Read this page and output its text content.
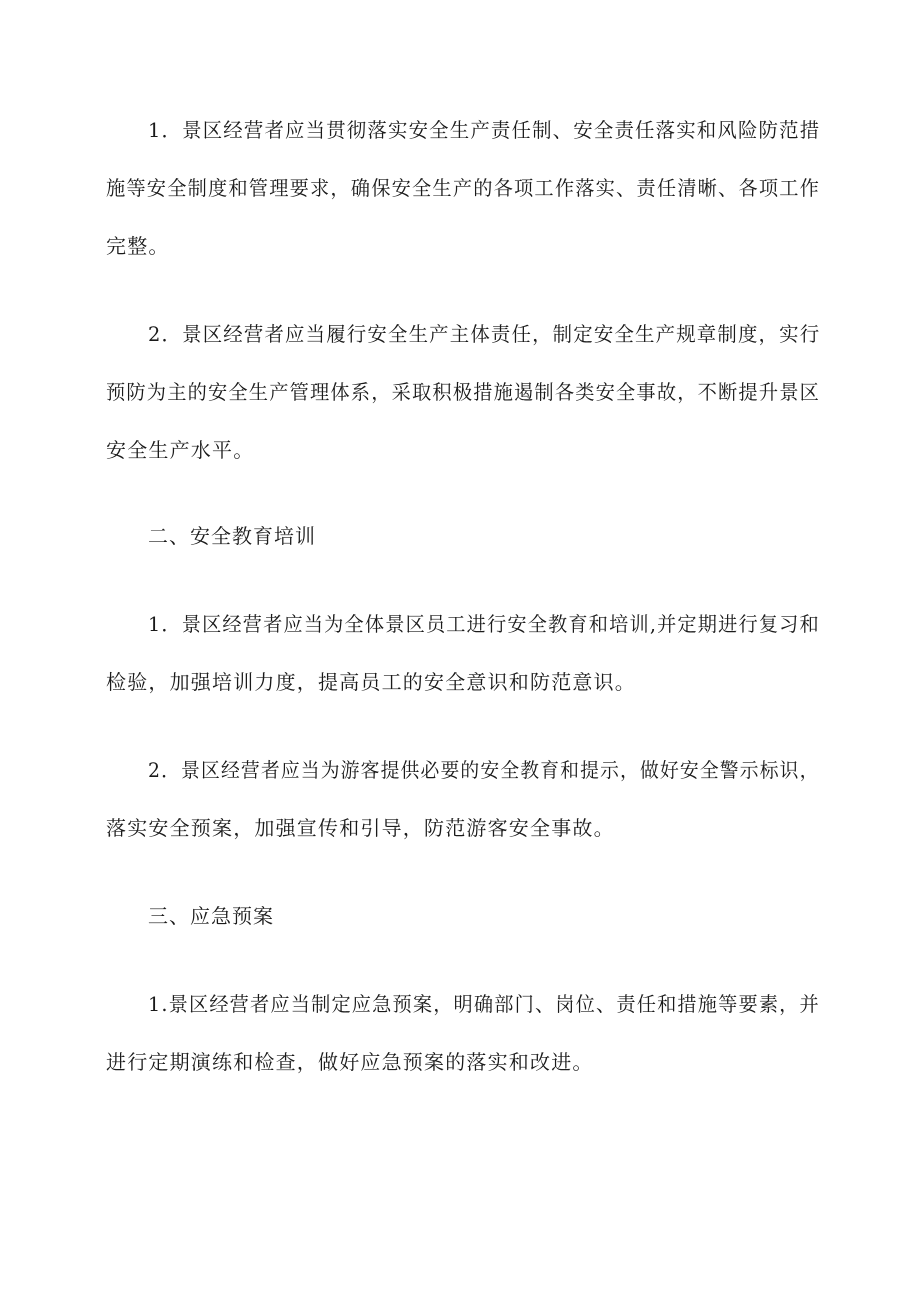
1．景区经营者应当贯彻落实安全生产责任制、安全责任落实和风险防范措
施等安全制度和管理要求，确保安全生产的各项工作落实、责任清晰、各项工作
完整。
2．景区经营者应当履行安全生产主体责任，制定安全生产规章制度，实行
预防为主的安全生产管理体系，采取积极措施遏制各类安全事故，不断提升景区
安全生产水平。
二、安全教育培训
1．景区经营者应当为全体景区员工进行安全教育和培训,并定期进行复习和
检验，加强培训力度，提高员工的安全意识和防范意识。
2．景区经营者应当为游客提供必要的安全教育和提示，做好安全警示标识，
落实安全预案，加强宣传和引导，防范游客安全事故。
三、应急预案
1.景区经营者应当制定应急预案，明确部门、岗位、责任和措施等要素，并
进行定期演练和检查，做好应急预案的落实和改进。
